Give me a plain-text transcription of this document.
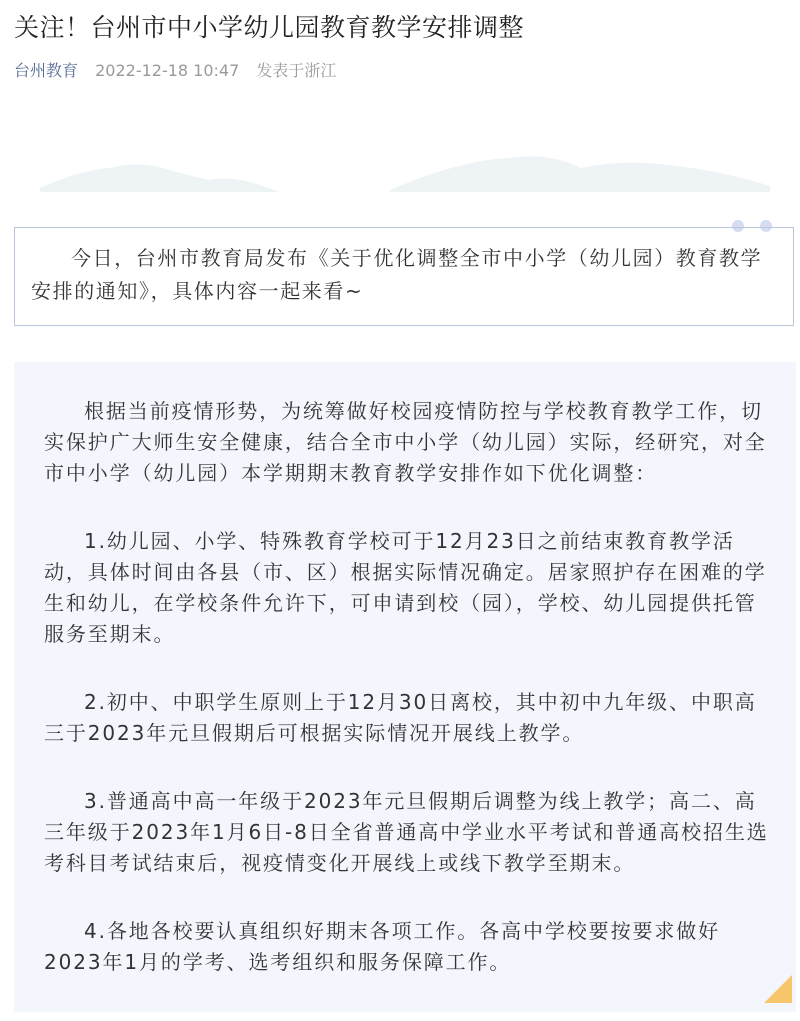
关注！台州市中小学幼儿园教育教学安排调整
台州教育 2022-12-18 10:47 发表于浙江
今日，台州市教育局发布《关于优化调整全市中小学（幼儿园）教育教学安排的通知》，具体内容一起来看~

根据当前疫情形势，为统筹做好校园疫情防控与学校教育教学工作，切实保护广大师生安全健康，结合全市中小学（幼儿园）实际，经研究，对全市中小学（幼儿园）本学期期末教育教学安排作如下优化调整：

1.幼儿园、小学、特殊教育学校可于12月23日之前结束教育教学活动，具体时间由各县（市、区）根据实际情况确定。居家照护存在困难的学生和幼儿，在学校条件允许下，可申请到校（园），学校、幼儿园提供托管服务至期末。

2.初中、中职学生原则上于12月30日离校，其中初中九年级、中职高三于2023年元旦假期后可根据实际情况开展线上教学。

3.普通高中高一年级于2023年元旦假期后调整为线上教学；高二、高三年级于2023年1月6日-8日全省普通高中学业水平考试和普通高校招生选考科目考试结束后，视疫情变化开展线上或线下教学至期末。

4.各地各校要认真组织好期末各项工作。各高中学校要按要求做好2023年1月的学考、选考组织和服务保障工作。
